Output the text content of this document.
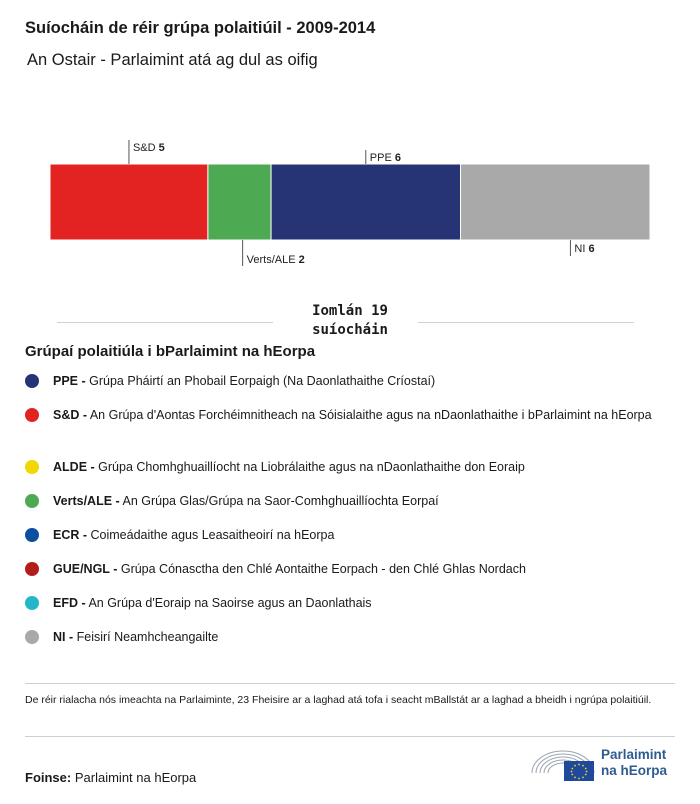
Suíocháin de réir grúpa polaitiúil - 2009-2014
An Ostair - Parlaimint atá ag dul as oifig
S&D 5
Verts/ALE 2
PPE 6
NI 6
Iomlán 19
suíocháin
Grúpaí polaitiúla i bParlaimint na hEorpa
PPE - Grúpa Pháirtí an Phobail Eorpaigh (Na Daonlathaithe Críostaí)
S&D - An Grúpa d'Aontas Forchéimnitheach na Sóisialaithe agus na nDaonlathaithe i bParlaimint na hEorpa
ALDE - Grúpa Chomhghuaillíocht na Liobrálaithe agus na nDaonlathaithe don Eoraip
Verts/ALE - An Grúpa Glas/Grúpa na Saor-Comhghuaillíochta Eorpaí
ECR - Coimeádaithe agus Leasaitheoirí na hEorpa
GUE/NGL - Grúpa Cónasctha den Chlé Aontaithe Eorpach - den Chlé Ghlas Nordach
EFD - An Grúpa d'Eoraip na Saoirse agus an Daonlathais
NI - Feisirí Neamhcheangailte
De réir rialacha nós imeachta na Parlaiminte, 23 Fheisire ar a laghad atá tofa i seacht mBallstát ar a laghad a bheidh i ngrúpa polaitiúil.
Foinse: Parlaimint na hEorpa
Parlaimint
na hEorpa
